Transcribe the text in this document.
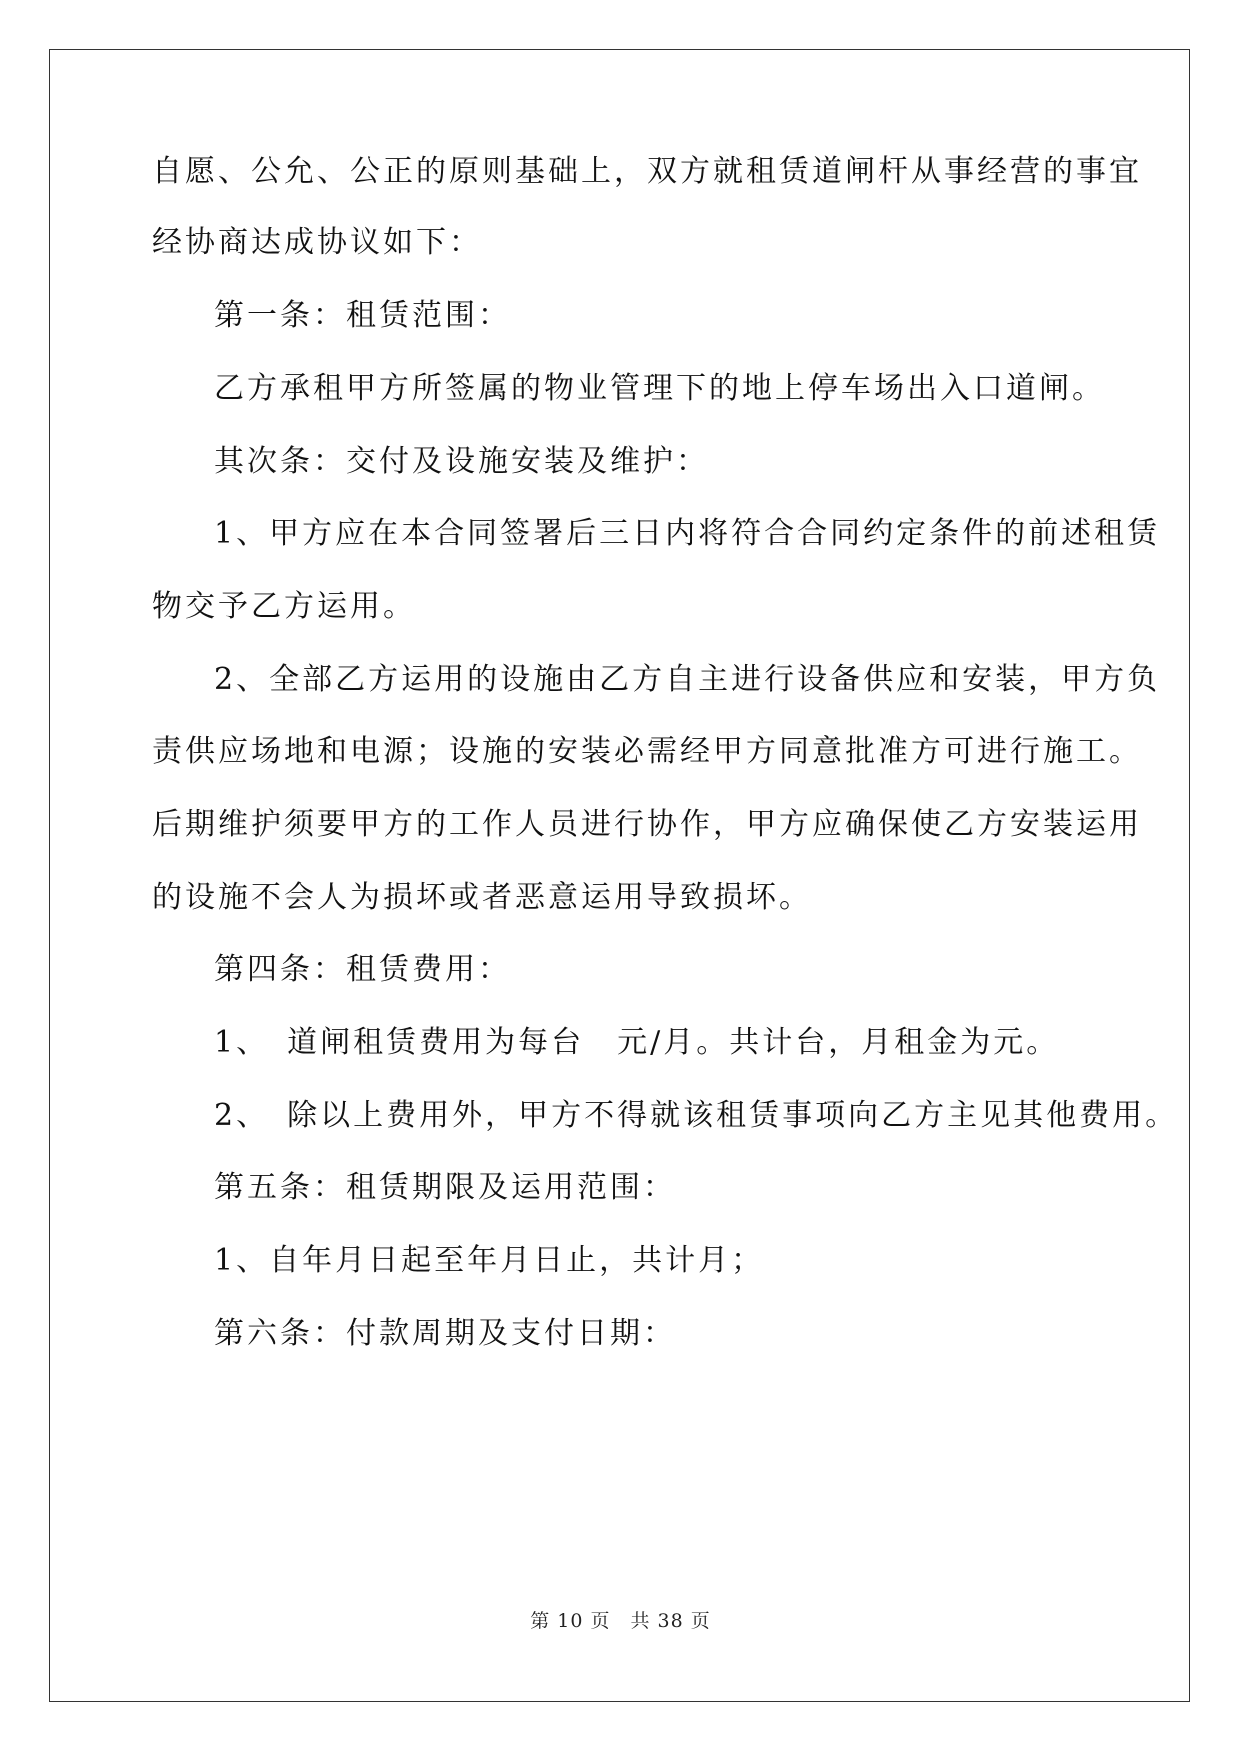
自愿、公允、公正的原则基础上，双方就租赁道闸杆从事经营的事宜
经协商达成协议如下：
第一条：租赁范围：
乙方承租甲方所签属的物业管理下的地上停车场出入口道闸。
其次条：交付及设施安装及维护：
1、甲方应在本合同签署后三日内将符合合同约定条件的前述租赁
物交予乙方运用。
2、全部乙方运用的设施由乙方自主进行设备供应和安装，甲方负
责供应场地和电源；设施的安装必需经甲方同意批准方可进行施工。
后期维护须要甲方的工作人员进行协作，甲方应确保使乙方安装运用
的设施不会人为损坏或者恶意运用导致损坏。
第四条：租赁费用：
1、　道闸租赁费用为每台　元/月。共计台，月租金为元。
2、　除以上费用外，甲方不得就该租赁事项向乙方主见其他费用。
第五条：租赁期限及运用范围：
1、自年月日起至年月日止，共计月；
第六条：付款周期及支付日期：
第 10 页　共 38 页
